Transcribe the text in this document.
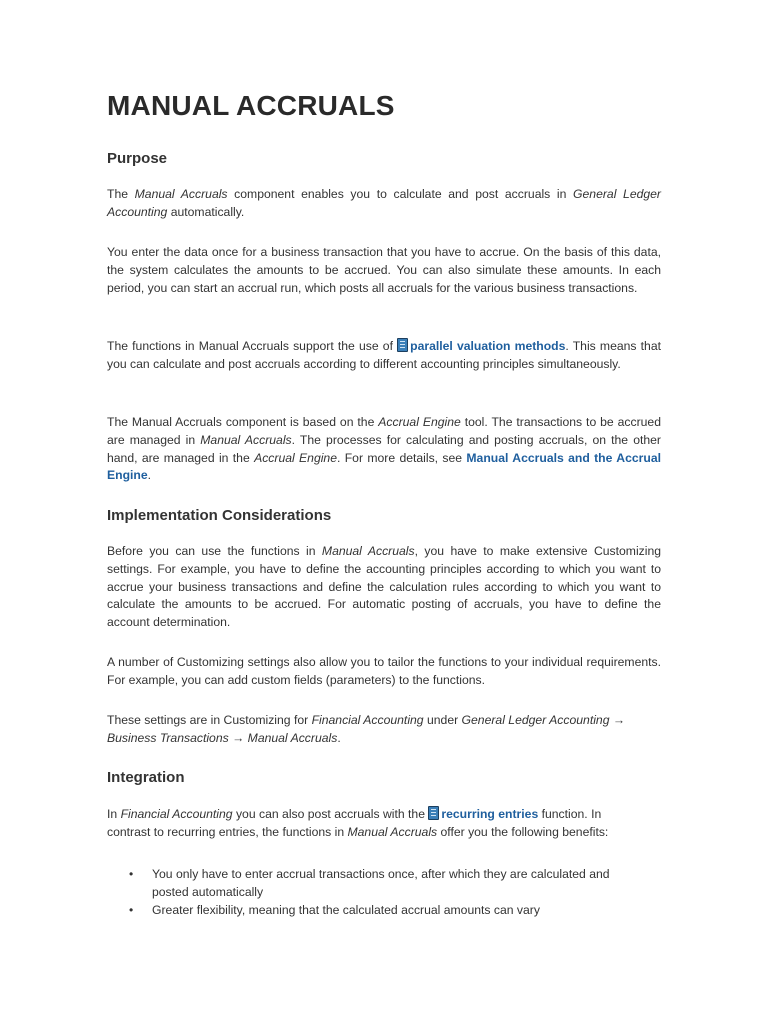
MANUAL ACCRUALS
Purpose

The Manual Accruals component enables you to calculate and post accruals in General Ledger Accounting automatically.

You enter the data once for a business transaction that you have to accrue. On the basis of this data, the system calculates the amounts to be accrued. You can also simulate these amounts. In each period, you can start an accrual run, which posts all accruals for the various business transactions.

The functions in Manual Accruals support the use of parallel valuation methods. This means that you can calculate and post accruals according to different accounting principles simultaneously.

The Manual Accruals component is based on the Accrual Engine tool. The transactions to be accrued are managed in Manual Accruals. The processes for calculating and posting accruals, on the other hand, are managed in the Accrual Engine. For more details, see Manual Accruals and the Accrual Engine.

Implementation Considerations

Before you can use the functions in Manual Accruals, you have to make extensive Customizing settings. For example, you have to define the accounting principles according to which you want to accrue your business transactions and define the calculation rules according to which you want to calculate the amounts to be accrued. For automatic posting of accruals, you have to define the account determination.

A number of Customizing settings also allow you to tailor the functions to your individual requirements. For example, you can add custom fields (parameters) to the functions.

These settings are in Customizing for Financial Accounting under General Ledger Accounting → Business Transactions → Manual Accruals.

Integration

In Financial Accounting you can also post accruals with the recurring entries function. In contrast to recurring entries, the functions in Manual Accruals offer you the following benefits:

• You only have to enter accrual transactions once, after which they are calculated and posted automatically
• Greater flexibility, meaning that the calculated accrual amounts can vary
